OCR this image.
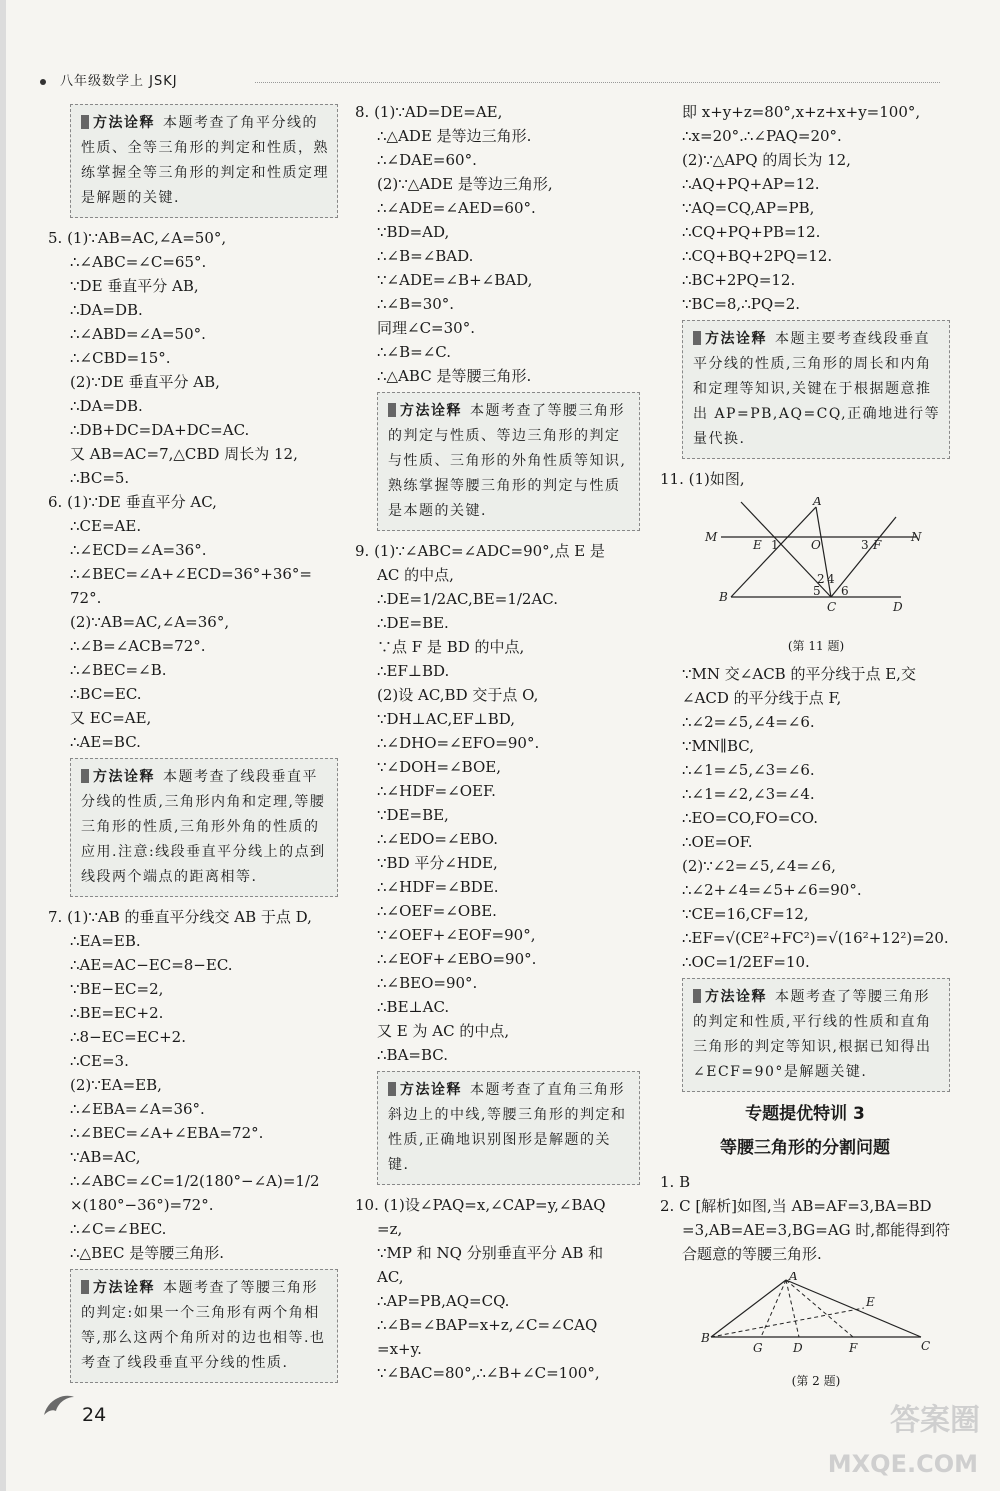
八年级数学上 JSKJ
方法诠释 本题考查了角平分线的性质、全等三角形的判定和性质，熟练掌握全等三角形的判定和性质定理是解题的关键.
5. (1)∵AB=AC,∠A=50°,
∴∠ABC=∠C=65°.
∵DE 垂直平分 AB,
∴DA=DB.
∴∠ABD=∠A=50°.
∴∠CBD=15°.
(2)∵DE 垂直平分 AB,
∴DA=DB.
∴DB+DC=DA+DC=AC.
又 AB=AC=7,△CBD 周长为 12,
∴BC=5.
6. (1)∵DE 垂直平分 AC,
∴CE=AE.
∴∠ECD=∠A=36°.
∴∠BEC=∠A+∠ECD=36°+36°=
72°.
(2)∵AB=AC,∠A=36°,
∴∠B=∠ACB=72°.
∴∠BEC=∠B.
∴BC=EC.
又 EC=AE,
∴AE=BC.
方法诠释 本题考查了线段垂直平分线的性质,三角形内角和定理,等腰三角形的性质,三角形外角的性质的应用.注意:线段垂直平分线上的点到线段两个端点的距离相等.
7. (1)∵AB 的垂直平分线交 AB 于点 D,
∴EA=EB.
∴AE=AC−EC=8−EC.
∵BE−EC=2,
∴BE=EC+2.
∴8−EC=EC+2.
∴CE=3.
(2)∵EA=EB,
∴∠EBA=∠A=36°.
∴∠BEC=∠A+∠EBA=72°.
∵AB=AC,
∴∠ABC=∠C=1/2(180°−∠A)=1/2
×(180°−36°)=72°.
∴∠C=∠BEC.
∴△BEC 是等腰三角形.
方法诠释 本题考查了等腰三角形的判定:如果一个三角形有两个角相等,那么这两个角所对的边也相等.也考查了线段垂直平分线的性质.
8. (1)∵AD=DE=AE,
∴△ADE 是等边三角形.
∴∠DAE=60°.
(2)∵△ADE 是等边三角形,
∴∠ADE=∠AED=60°.
∵BD=AD,
∴∠B=∠BAD.
∵∠ADE=∠B+∠BAD,
∴∠B=30°.
同理∠C=30°.
∴∠B=∠C.
∴△ABC 是等腰三角形.
方法诠释 本题考查了等腰三角形的判定与性质、等边三角形的判定与性质、三角形的外角性质等知识,熟练掌握等腰三角形的判定与性质是本题的关键.
9. (1)∵∠ABC=∠ADC=90°,点 E 是
AC 的中点,
∴DE=1/2AC,BE=1/2AC.
∴DE=BE.
∵点 F 是 BD 的中点,
∴EF⊥BD.
(2)设 AC,BD 交于点 O,
∵DH⊥AC,EF⊥BD,
∴∠DHO=∠EFO=90°.
∵∠DOH=∠BOE,
∴∠HDF=∠OEF.
∵DE=BE,
∴∠EDO=∠EBO.
∵BD 平分∠HDE,
∴∠HDF=∠BDE.
∴∠OEF=∠OBE.
∵∠OEF+∠EOF=90°,
∴∠EOF+∠EBO=90°.
∴∠BEO=90°.
∴BE⊥AC.
又 E 为 AC 的中点,
∴BA=BC.
方法诠释 本题考查了直角三角形斜边上的中线,等腰三角形的判定和性质,正确地识别图形是解题的关键.
10. (1)设∠PAQ=x,∠CAP=y,∠BAQ
=z,
∵MP 和 NQ 分别垂直平分 AB 和
AC,
∴AP=PB,AQ=CQ.
∴∠B=∠BAP=x+z,∠C=∠CAQ
=x+y.
∵∠BAC=80°,∴∠B+∠C=100°,
即 x+y+z=80°,x+z+x+y=100°,
∴x=20°.∴∠PAQ=20°.
(2)∵△APQ 的周长为 12,
∴AQ+PQ+AP=12.
∵AQ=CQ,AP=PB,
∴CQ+PQ+PB=12.
∴CQ+BQ+2PQ=12.
∴BC+2PQ=12.
∵BC=8,∴PQ=2.
方法诠释 本题主要考查线段垂直平分线的性质,三角形的周长和内角和定理等知识,关键在于根据题意推出 AP=PB,AQ=CQ,正确地进行等量代换.
11. (1)如图,
A
M
E 1	O	3 F
N
2 4
5 6
B
C	D
(第 11 题)
∵MN 交∠ACB 的平分线于点 E,交
∠ACD 的平分线于点 F,
∴∠2=∠5,∠4=∠6.
∵MN∥BC,
∴∠1=∠5,∠3=∠6.
∴∠1=∠2,∠3=∠4.
∴EO=CO,FO=CO.
∴OE=OF.
(2)∵∠2=∠5,∠4=∠6,
∴∠2+∠4=∠5+∠6=90°.
∵CE=16,CF=12,
∴EF=√(CE²+FC²)=√(16²+12²)=20.
∴OC=1/2EF=10.
方法诠释 本题考查了等腰三角形的判定和性质,平行线的性质和直角三角形的判定等知识,根据已知得出∠ECF=90°是解题关键.
专题提优特训 3
等腰三角形的分割问题
1. B
2. C [解析]如图,当 AB=AF=3,BA=BD
=3,AB=AE=3,BG=AG 时,都能得到符
合题意的等腰三角形.
A
E
B
G	D	F	C
(第 2 题)
24	答案圈
MXQE.COM
